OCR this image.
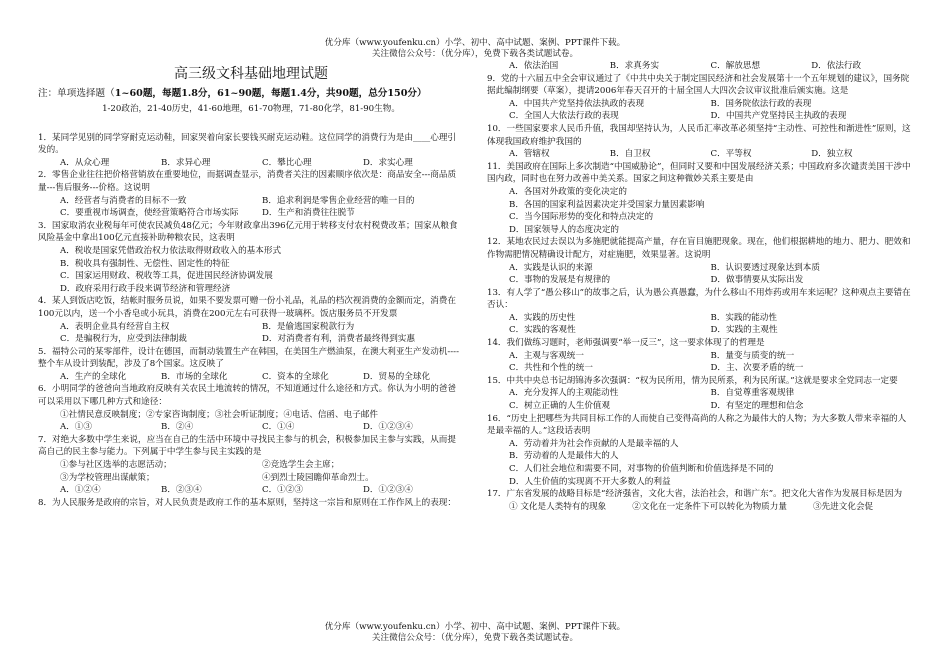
优分库（www.youfenku.cn）小学、初中、高中试题、案例、PPT课件下载。
关注微信公众号：（优分库），免费下载各类试题试卷。
高三级文科基础地理试题
注：单项选择题（1~60题，每题1.8分，61~90题，每题1.4分，共90题，总分150分）
1-20政治，21-40历史，41-60地理，61-70物理，71-80化学，81-90生物。
1．某同学见别的同学穿耐克运动鞋，回家哭着向家长要钱买耐克运动鞋。这位同学的消费行为是由____心理引发的。
A．从众心理	B．求异心理	C．攀比心理	D．求实心理
2．零售企业往往把价格营销放在重要地位，而据调查显示，消费者关注的因素顺序依次是：商品安全---商品质量---售后服务---价格。这说明
A．经营者与消费者的目标不一致	B．追求利润是零售企业经营的唯一目的
C．要重视市场调查，使经营策略符合市场实际	D．生产和消费往往脱节
3．国家取消农业税每年可使农民减负48亿元；今年财政拿出396亿元用于转移支付农村税费改革；国家从粮食风险基金中拿出100亿元直接补助种粮农民，这表明
A．税收是国家凭借政治权力依法取得财政收入的基本形式
B．税收具有强制性、无偿性、固定性的特征
C．国家运用财政、税收等工具，促进国民经济协调发展
D．政府采用行政手段来调节经济和管理经济
4．某人到饭店吃饭，结帐时服务员说，如果不要发票可赠一份小礼品，礼品的档次视消费的金额而定，消费在100元以内，送一个小香皂或小玩具，消费在200元左右可获得一玻璃杯。饭店服务员不开发票
A．表明企业具有经营自主权	B．是偷逃国家税款行为
C．是骗税行为，应受到法律制裁	D．对消费者有利，消费者最终得到实惠
5．福特公司的某零部件，设计在德国，而制动装置生产在韩国，在美国生产燃油泵，在澳大利亚生产发动机----整个车从设计到装配，涉及了8个国家。这反映了
A．生产的全球化	B．市场的全球化	C．资本的全球化	D．贸易的全球化
6．小明同学的爸爸向当地政府反映有关农民土地流转的情况，不知道通过什么途径和方式。你认为小明的爸爸可以采用以下哪几种方式和途径：
①社情民意反映制度；②专家咨询制度；③社会听证制度；④电话、信函、电子邮件
A．①③	B．②④	C．①④	D．①②③④
7．对绝大多数中学生来说，应当在自己的生活中环境中寻找民主参与的机会，积极参加民主参与实践，从而提高自己的民主参与能力。下列属于中学生参与民主实践的是
①参与社区选举的志愿活动；	②竞选学生会主席；
③为学校管理出谋献策；	④到烈士陵园瞻仰革命烈士。
A．①②④	B．②③④	C．①②③	D．①②③④
8．为人民服务是政府的宗旨，对人民负责是政府工作的基本原则，坚持这一宗旨和原则在工作作风上的表现：
A．依法治国	B．求真务实	C．解放思想	D．依法行政
9．党的十六届五中全会审议通过了《中共中央关于制定国民经济和社会发展第十一个五年规划的建议》，国务院据此编制纲要（草案），提请2006年春天召开的十届全国人大四次会议审议批准后颁实施。这是
A．中国共产党坚持依法执政的表现	B．国务院依法行政的表现
C．全国人大依法行政的表现	D．中国共产党坚持民主执政的表现
10．一些国家要求人民币升值，我国却坚持认为，人民币汇率改革必须坚持“主动性、可控性和渐进性”原则，这体现我国政府维护我国的
A．管辖权	B．自卫权	C．平等权	D．独立权
11．美国政府在国际上多次制造“中国威胁论”，但同时又要和中国发展经济关系；中国政府多次谴责美国干涉中国内政，同时也在努力改善中美关系。国家之间这种微妙关系主要是由
A．各国对外政策的变化决定的
B．各国的国家利益因素决定并受国家力量因素影响
C．当今国际形势的变化和特点决定的
D．国家领导人的态度决定的
12．某地农民过去误以为多施肥就能提高产量，存在盲目施肥现象。现在，他们根据耕地的地力、肥力、肥效和作物需肥情况精确设计配方，对症施肥，效果显著。这说明
A．实践是认识的来源	B．认识要透过现象达到本质
C．事物的发展是有规律的	D．做事情要从实际出发
13．有人学了“愚公移山”的故事之后，认为愚公真愚蠢，为什么移山不用炸药或用车来运呢？这种观点主要错在否认：
A．实践的历史性	B．实践的能动性
C．实践的客观性	D．实践的主观性
14．我们做练习题时，老师强调要“举一反三”，这一要求体现了的哲理是
A．主观与客观统一	B．量变与质变的统一
C．共性和个性的统一	D．主、次要矛盾的统一
15．中共中央总书记胡锦涛多次强调：“权为民所用，情为民所系，利为民所谋。”这就是要求全党同志一定要
A．充分发挥人的主观能动性	B．自觉尊重客观规律
C．树立正确的人生价值观	D．有坚定的理想和信念
16．“历史上把哪些为共同目标工作的人而使自己变得高尚的人称之为最伟大的人物；为大多数人带来幸福的人是最幸福的人。”这段话表明
A．劳动着并为社会作贡献的人是最幸福的人
B．劳动着的人是最伟大的人
C．人们社会地位和需要不同，对事物的价值判断和价值选择是不同的
D．人生价值的实现离不开大多数人的利益
17．广东省发展的战略目标是“经济强省，文化大省，法治社会，和谐广东”。把文化大省作为发展目标是因为
① 文化是人类特有的现象	②文化在一定条件下可以转化为物质力量	③先进文化会促
优分库（www.youfenku.cn）小学、初中、高中试题、案例、PPT课件下载。
关注微信公众号：（优分库），免费下载各类试题试卷。
